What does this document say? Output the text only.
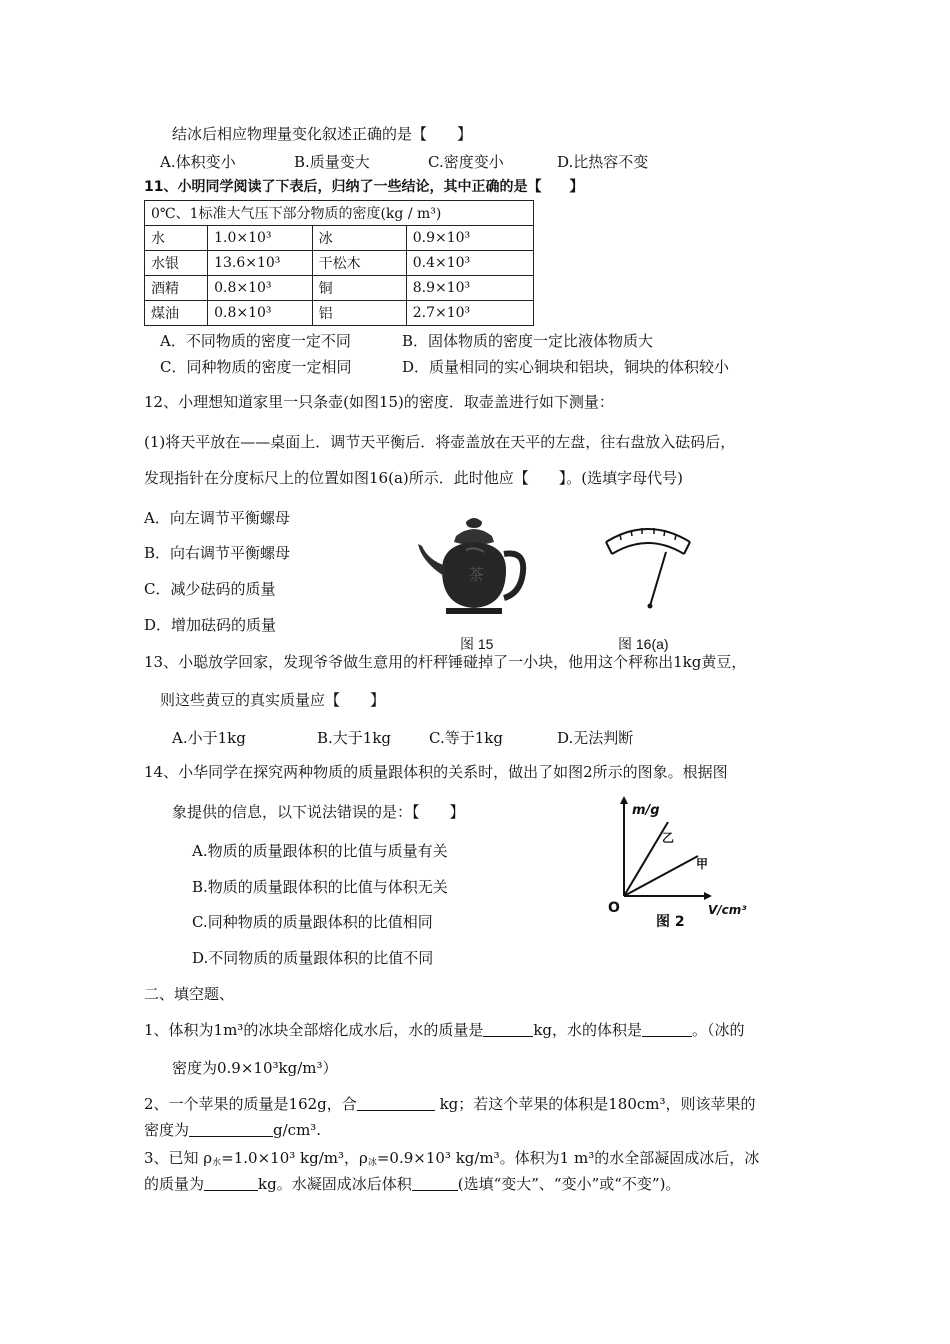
结冰后相应物理量变化叙述正确的是【　　】
A.体积变小	B.质量变大	C.密度变小	D.比热容不变
11、小明同学阅读了下表后，归纳了一些结论，其中正确的是【　　】
0℃、1标准大气压下部分物质的密度(kg / m³)			
水	1.0×10³	冰	0.9×10³
水银	13.6×10³	干松木	0.4×10³
酒精	0.8×10³	铜	8.9×10³
煤油	0.8×10³	铝	2.7×10³
A．不同物质的密度一定不同	B．固体物质的密度一定比液体物质大
C．同种物质的密度一定相同	D．质量相同的实心铜块和铝块，铜块的体积较小
12、小理想知道家里一只条壶(如图15)的密度．取壶盖进行如下测量：
(1)将天平放在——桌面上．调节天平衡后．将壶盖放在天平的左盘，往右盘放入砝码后，
发现指针在分度标尺上的位置如图16(a)所示．此时他应【　　】。(选填字母代号)
A．向左调节平衡螺母
B．向右调节平衡螺母
C．减少砝码的质量
D．增加砝码的质量
茶
图 15	图 16(a)
13、小聪放学回家，发现爷爷做生意用的杆秤锤碰掉了一小块，他用这个秤称出1kg黄豆，
则这些黄豆的真实质量应【　　】
A.小于1kg	B.大于1kg	C.等于1kg	D.无法判断
14、小华同学在探究两种物质的质量跟体积的关系时，做出了如图2所示的图象。根据图
象提供的信息，以下说法错误的是：【　　】
A.物质的质量跟体积的比值与质量有关
B.物质的质量跟体积的比值与体积无关
C.同种物质的质量跟体积的比值相同
D.不同物质的质量跟体积的比值不同
m/g
V/cm³
O
乙
甲
图 2
二、填空题、
1、体积为1m³的冰块全部熔化成水后，水的质量是	kg，水的体积是	。（冰的
密度为0.9×10³kg/m³）
2、一个苹果的质量是162g，合	kg；若这个苹果的体积是180cm³，则该苹果的
密度为	g/cm³.
3、已知 $\rho_水=1.0\times 10^3$ kg/m³，$\rho_冰=0.9\times 10^3$ kg/m³。体积为1 m³的水全部凝固成冰后，冰
的质量为	kg。水凝固成冰后体积	(选填“变大”、“变小”或“不变”)。
